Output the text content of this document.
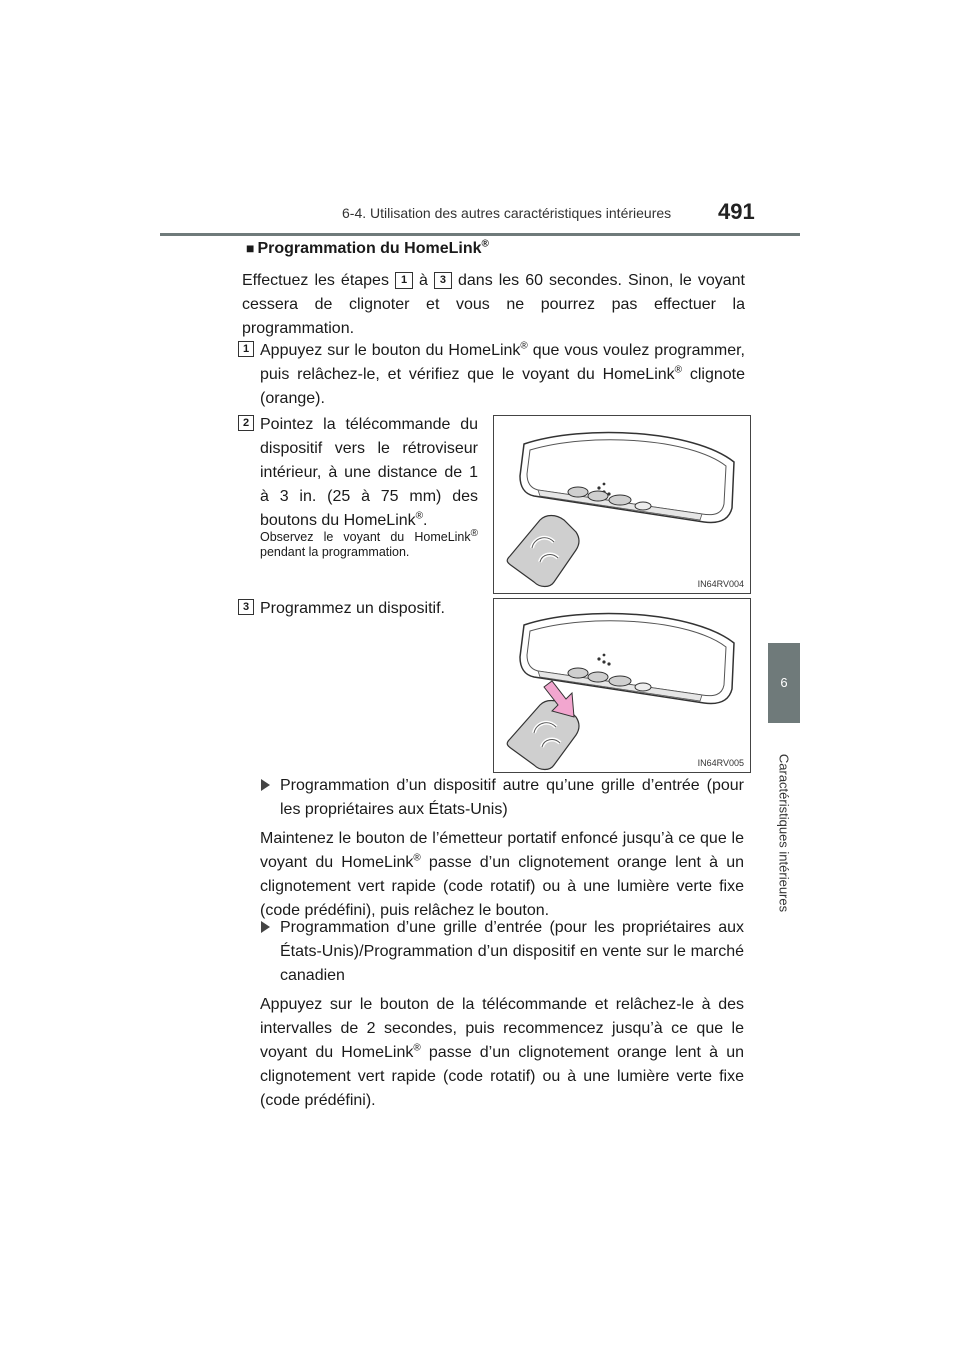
6-4. Utilisation des autres caractéristiques intérieures 491
6
Caractéristiques intérieures
■ Programmation du HomeLink®
Effectuez les étapes 1 à 3 dans les 60 secondes. Sinon, le voyant cessera de clignoter et vous ne pourrez pas effectuer la programmation.
1 Appuyez sur le bouton du HomeLink® que vous voulez programmer, puis relâchez-le, et vérifiez que le voyant du HomeLink® clignote (orange).
2 Pointez la télécommande du dispositif vers le rétroviseur intérieur, à une distance de 1 à 3 in. (25 à 75 mm) des boutons du HomeLink®.
Observez le voyant du HomeLink® pendant la programmation.
IN64RV004
3 Programmez un dispositif.
IN64RV005
Programmation d’un dispositif autre qu’une grille d’entrée (pour les propriétaires aux États-Unis)
Maintenez le bouton de l’émetteur portatif enfoncé jusqu’à ce que le voyant du HomeLink® passe d’un clignotement orange lent à un clignotement vert rapide (code rotatif) ou à une lumière verte fixe (code prédéfini), puis relâchez le bouton.
Programmation d’une grille d’entrée (pour les propriétaires aux États-Unis)/Programmation d’un dispositif en vente sur le marché canadien
Appuyez sur le bouton de la télécommande et relâchez-le à des intervalles de 2 secondes, puis recommencez jusqu’à ce que le voyant du HomeLink® passe d’un clignotement orange lent à un clignotement vert rapide (code rotatif) ou à une lumière verte fixe (code prédéfini).
